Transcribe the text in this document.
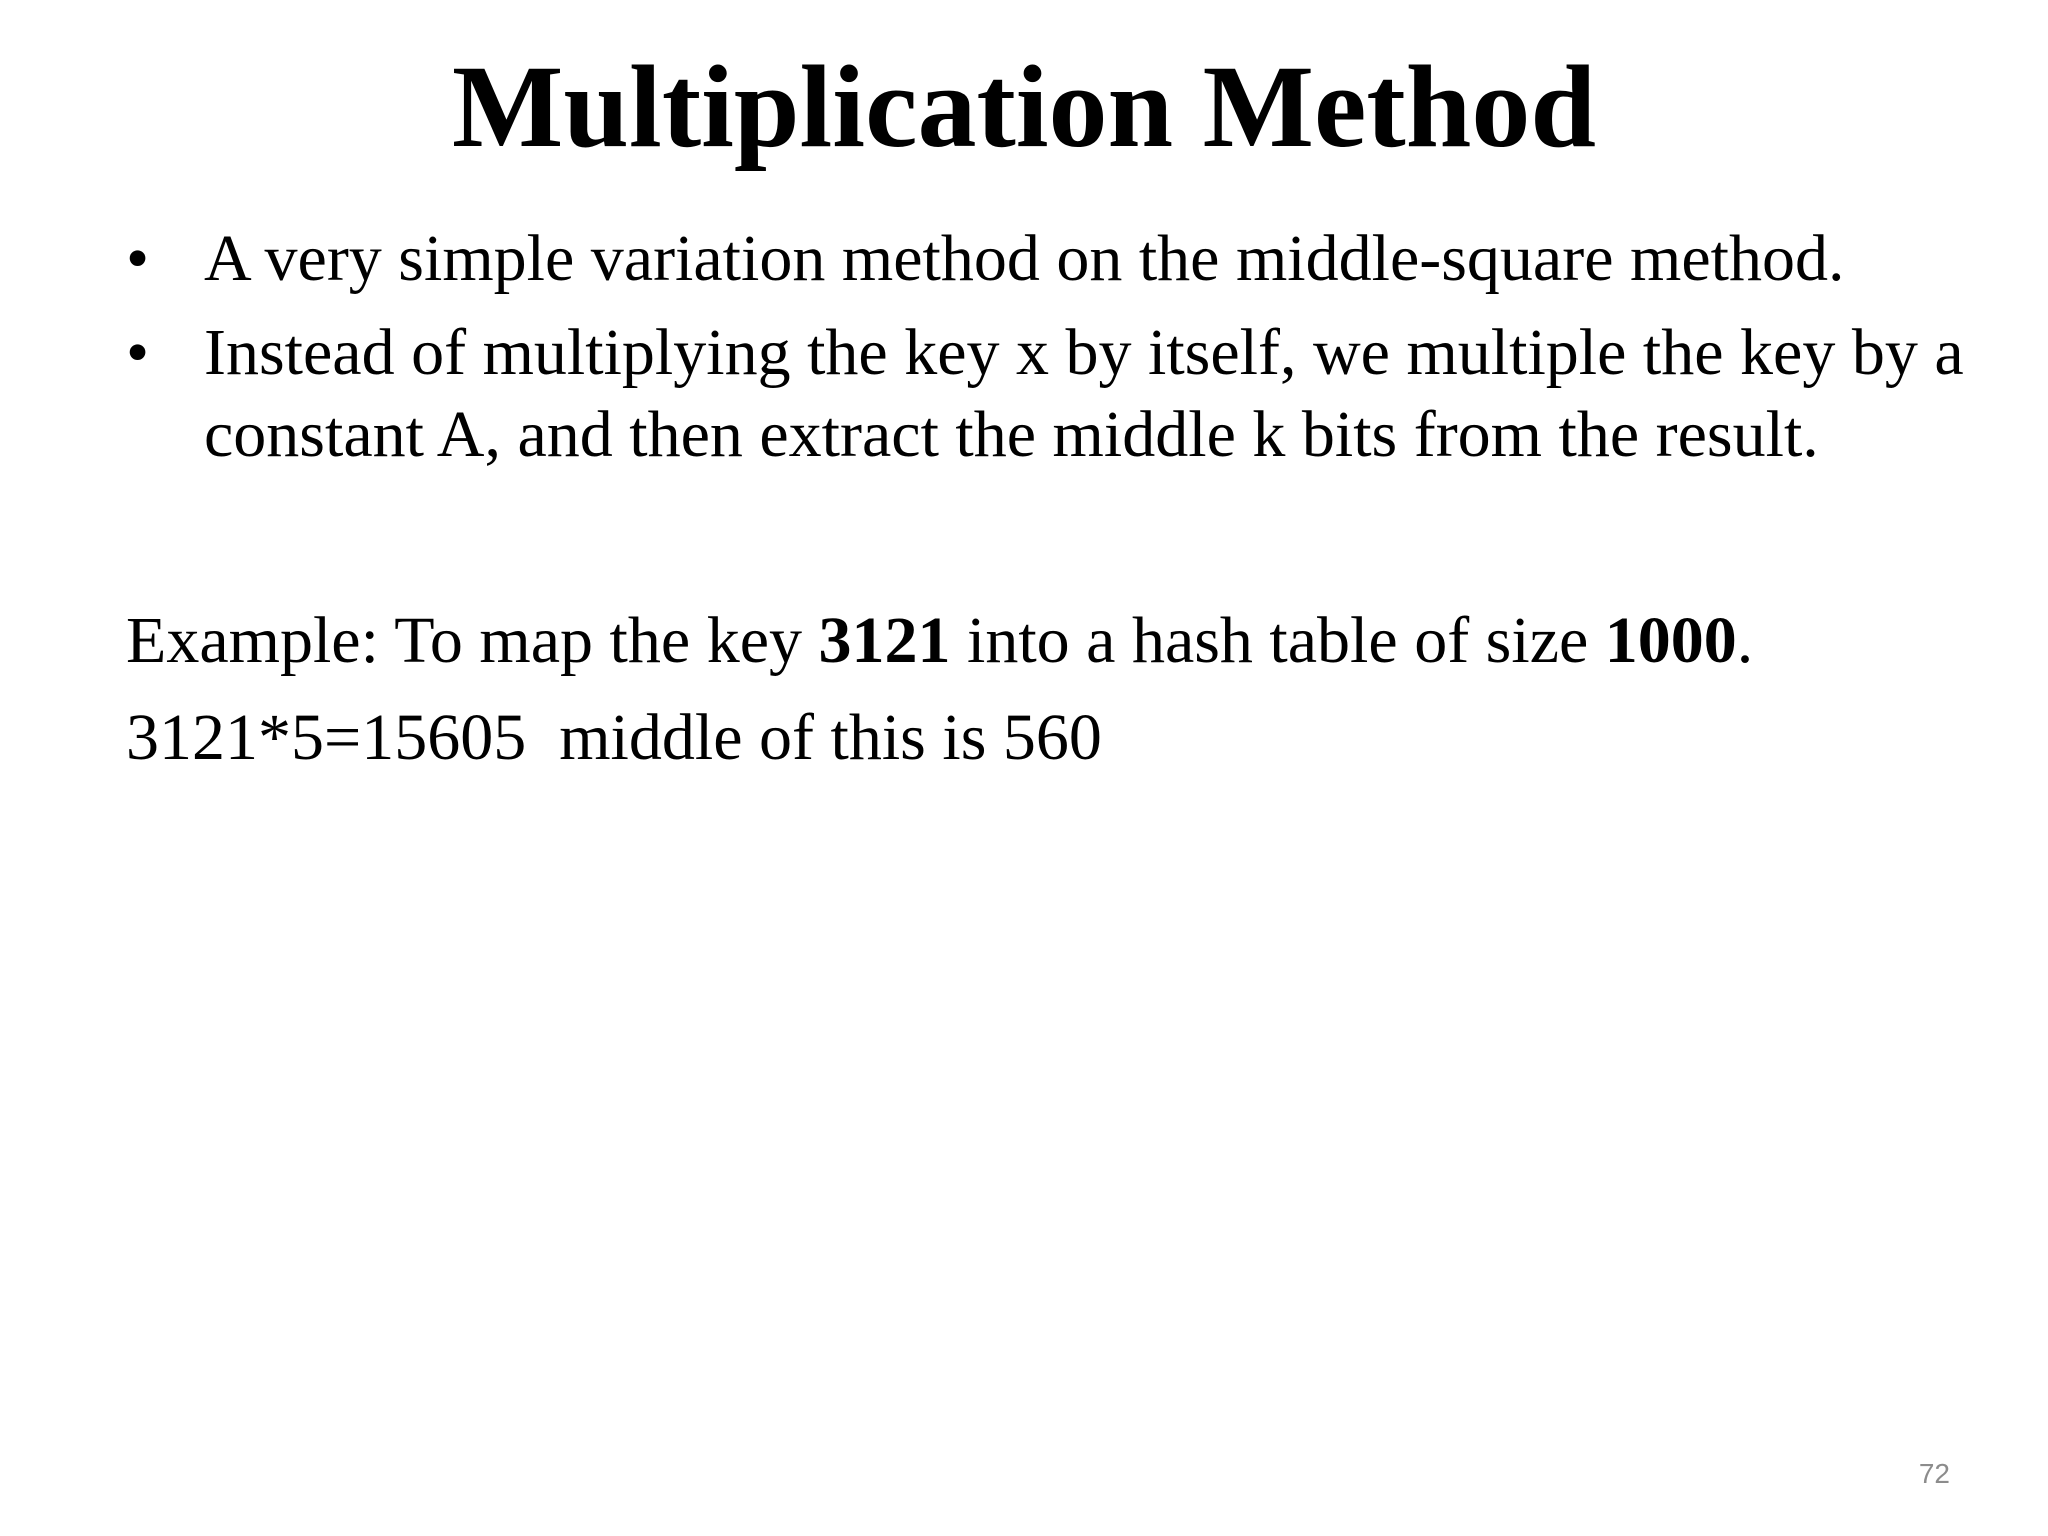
Multiplication Method
• A very simple variation method on the middle-square method.
• Instead of multiplying the key x by itself, we multiple the key by a constant A, and then extract the middle k bits from the result.
Example: To map the key 3121 into a hash table of size 1000.
3121*5=15605  middle of this is 560
72
